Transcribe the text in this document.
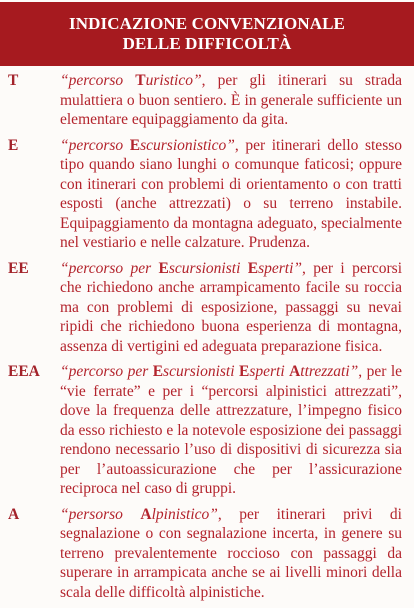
INDICAZIONE CONVENZIONALE
DELLE DIFFICOLTÀ
T	“percorso Turistico”, per gli itinerari su strada mulattiera o buon sentiero. È in generale sufficiente un elementare equipaggiamento da gita.
E	“percorso Escursionistico”, per itinerari dello stesso tipo quando siano lunghi o comunque faticosi; oppure con itinerari con problemi di orientamento o con tratti esposti (anche attrezzati) o su terreno instabile. Equipaggiamento da montagna adeguato, specialmente nel vestiario e nelle calzature. Prudenza.
EE “percorso per Escursionisti Esperti”, per i percorsi che richiedono anche arrampicamento facile su roccia ma con problemi di esposizione, passaggi su nevai ripidi che richiedono buona esperienza di montagna, assenza di vertigini ed adeguata preparazione fisica.
EEA “percorso per Escursionisti Esperti Attrezzati”, per le “vie ferrate” e per i “percorsi alpinistici attrezzati”, dove la frequenza delle attrezzature, l’impegno fisico da esso richiesto e la notevole esposizione dei passaggi rendono necessario l’uso di dispositivi di sicurezza sia per l’autoassicurazione che per l’assicurazione reciproca nel caso di gruppi.
A	“persorso Alpinistico”, per itinerari privi di segnalazione o con segnalazione incerta, in genere su terreno prevalentemente roccioso con passaggi da superare in arrampicata anche se ai livelli minori della scala delle difficoltà alpinistiche.
